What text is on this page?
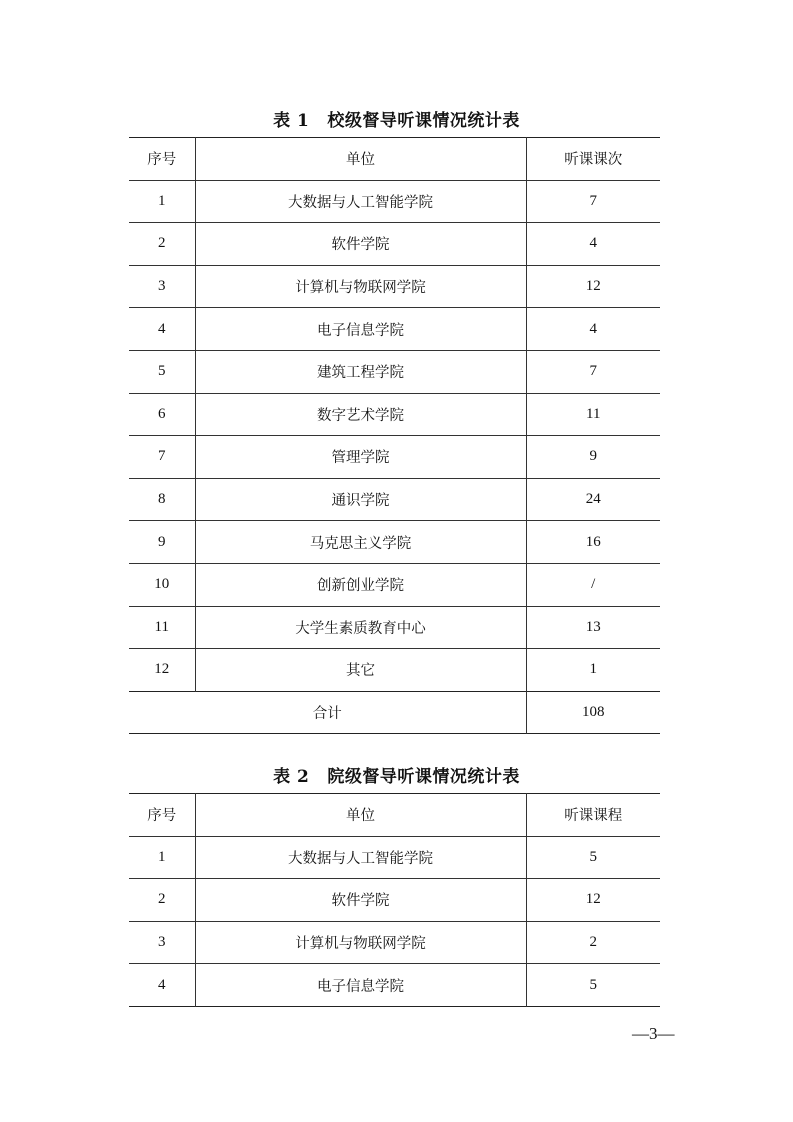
表 1 校级督导听课情况统计表
序号	单位	听课课次
1	大数据与人工智能学院	7
2	软件学院	4
3	计算机与物联网学院	12
4	电子信息学院	4
5	建筑工程学院	7
6	数字艺术学院	11
7	管理学院	9
8	通识学院	24
9	马克思主义学院	16
10	创新创业学院	/
11	大学生素质教育中心	13
12	其它	1
合计		108
表 2 院级督导听课情况统计表
序号	单位	听课课程
1	大数据与人工智能学院	5
2	软件学院	12
3	计算机与物联网学院	2
4	电子信息学院	5
—3—
